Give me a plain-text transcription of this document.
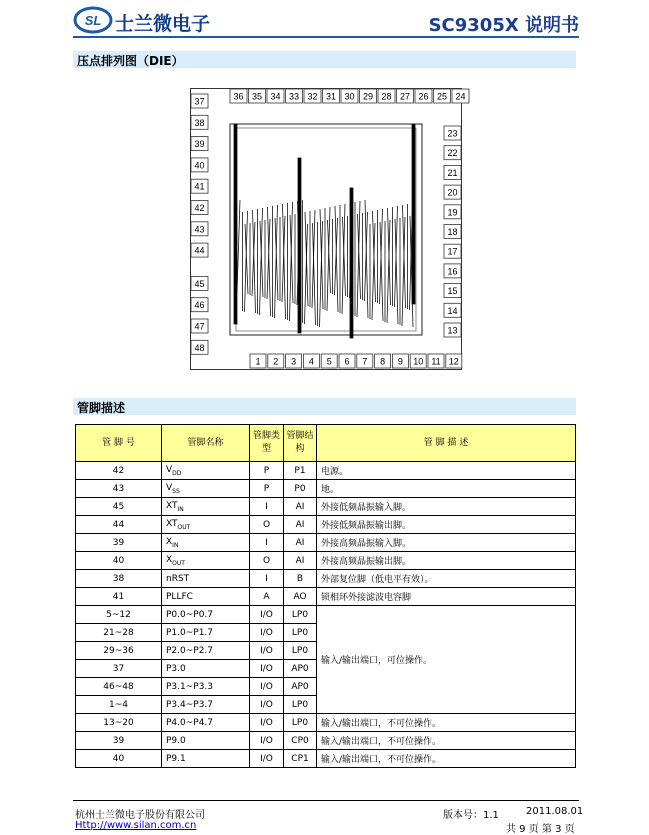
SL 士兰微电子	SC9305X 说明书
压点排列图（DIE）
36 35 34 33 32 31 30 29 28 27 26 25 24
37
38
39
40
41
42
43
44
45
46
47
48
23
22
21
20
19
18
17
16
15
14
13
1 2 3 4 5 6 7 8 9 10 11 12
管脚描述
管 脚 号	管脚名称	管脚类型	管脚结构	管 脚 描 述
42	$V_{DD}$	P	P1	电源。
43	$V_{SS}$	P	P0	地。
45	$XT_{IN}$	I	AI	外接低频晶振输入脚。
44	$XT_{OUT}$	O	AI	外接低频晶振输出脚。
39	$X_{IN}$	I	AI	外接高频晶振输入脚。
40	$X_{OUT}$	O	AI	外接高频晶振输出脚。
38	nRST	I	B	外部复位脚（低电平有效）。
41	PLLFC	A	AO	锁相环外接滤波电容脚
5~12	P0.0~P0.7	I/O	LP0	输入/输出端口，可位操作。
21~28	P1.0~P1.7	I/O	LP0	
29~36	P2.0~P2.7	I/O	LP0	
37	P3.0	I/O	AP0	
46~48	P3.1~P3.3	I/O	AP0	
1~4	P3.4~P3.7	I/O	LP0	
13~20	P4.0~P4.7	I/O	LP0	输入/输出端口，不可位操作。
39	P9.0	I/O	CP0	输入/输出端口，不可位操作。
40	P9.1	I/O	CP1	输入/输出端口，不可位操作。
杭州士兰微电子股份有限公司
Http://www.silan.com.cn
版本号：1.1	2011.08.01
共 9 页 第 3 页
